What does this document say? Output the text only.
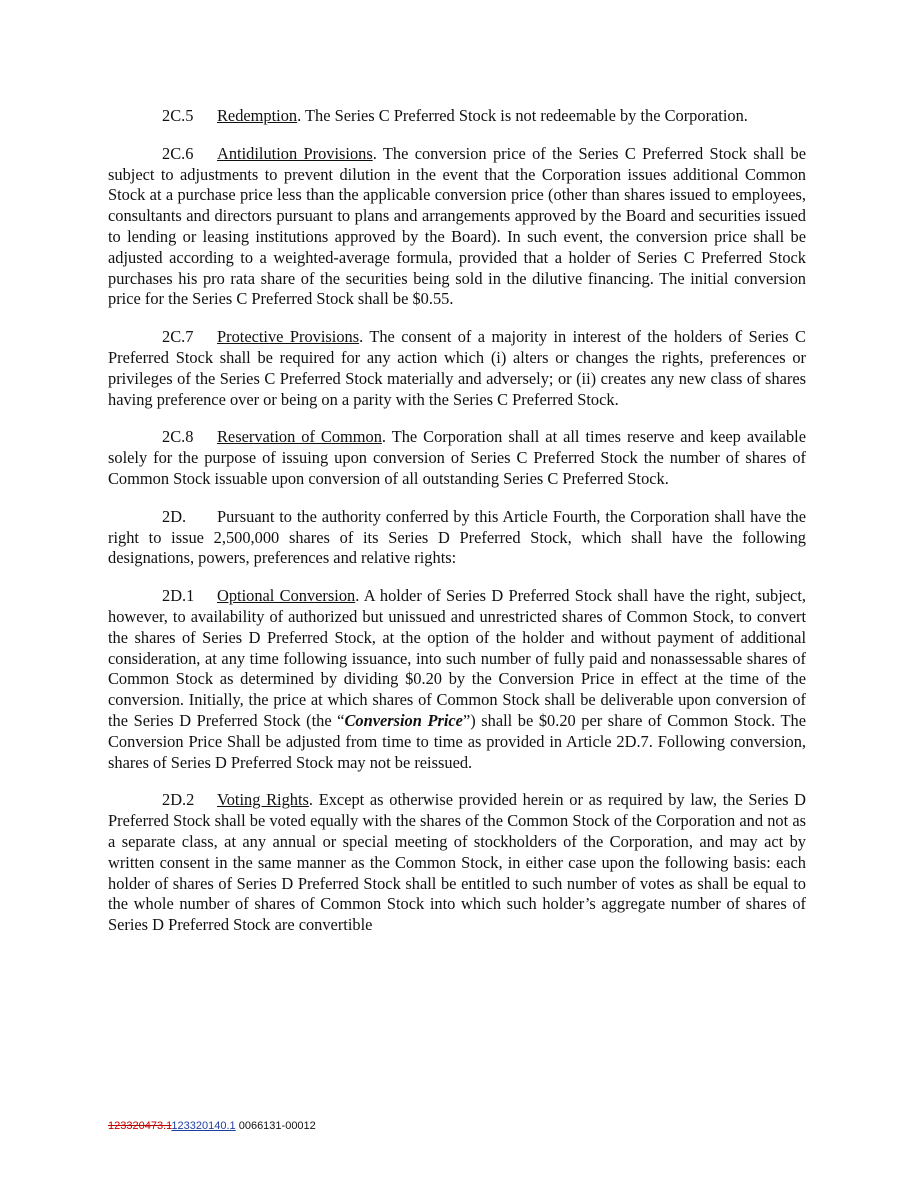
2C.5 Redemption. The Series C Preferred Stock is not redeemable by the Corporation.

2C.6 Antidilution Provisions. The conversion price of the Series C Preferred Stock shall be subject to adjustments to prevent dilution in the event that the Corporation issues additional Common Stock at a purchase price less than the applicable conversion price (other than shares issued to employees, consultants and directors pursuant to plans and arrangements approved by the Board and securities issued to lending or leasing institutions approved by the Board). In such event, the conversion price shall be adjusted according to a weighted-average formula, provided that a holder of Series C Preferred Stock purchases his pro rata share of the securities being sold in the dilutive financing. The initial conversion price for the Series C Preferred Stock shall be $0.55.

2C.7 Protective Provisions. The consent of a majority in interest of the holders of Series C Preferred Stock shall be required for any action which (i) alters or changes the rights, preferences or privileges of the Series C Preferred Stock materially and adversely; or (ii) creates any new class of shares having preference over or being on a parity with the Series C Preferred Stock.

2C.8 Reservation of Common. The Corporation shall at all times reserve and keep available solely for the purpose of issuing upon conversion of Series C Preferred Stock the number of shares of Common Stock issuable upon conversion of all outstanding Series C Preferred Stock.

2D. Pursuant to the authority conferred by this Article Fourth, the Corporation shall have the right to issue 2,500,000 shares of its Series D Preferred Stock, which shall have the following designations, powers, preferences and relative rights:

2D.1 Optional Conversion. A holder of Series D Preferred Stock shall have the right, subject, however, to availability of authorized but unissued and unrestricted shares of Common Stock, to convert the shares of Series D Preferred Stock, at the option of the holder and without payment of additional consideration, at any time following issuance, into such number of fully paid and nonassessable shares of Common Stock as determined by dividing $0.20 by the Conversion Price in effect at the time of the conversion. Initially, the price at which shares of Common Stock shall be deliverable upon conversion of the Series D Preferred Stock (the “Conversion Price”) shall be $0.20 per share of Common Stock. The Conversion Price Shall be adjusted from time to time as provided in Article 2D.7. Following conversion, shares of Series D Preferred Stock may not be reissued.

2D.2 Voting Rights. Except as otherwise provided herein or as required by law, the Series D Preferred Stock shall be voted equally with the shares of the Common Stock of the Corporation and not as a separate class, at any annual or special meeting of stockholders of the Corporation, and may act by written consent in the same manner as the Common Stock, in either case upon the following basis: each holder of shares of Series D Preferred Stock shall be entitled to such number of votes as shall be equal to the whole number of shares of Common Stock into which such holder’s aggregate number of shares of Series D Preferred Stock are convertible

123320473.1123320140.1 0066131-00012
